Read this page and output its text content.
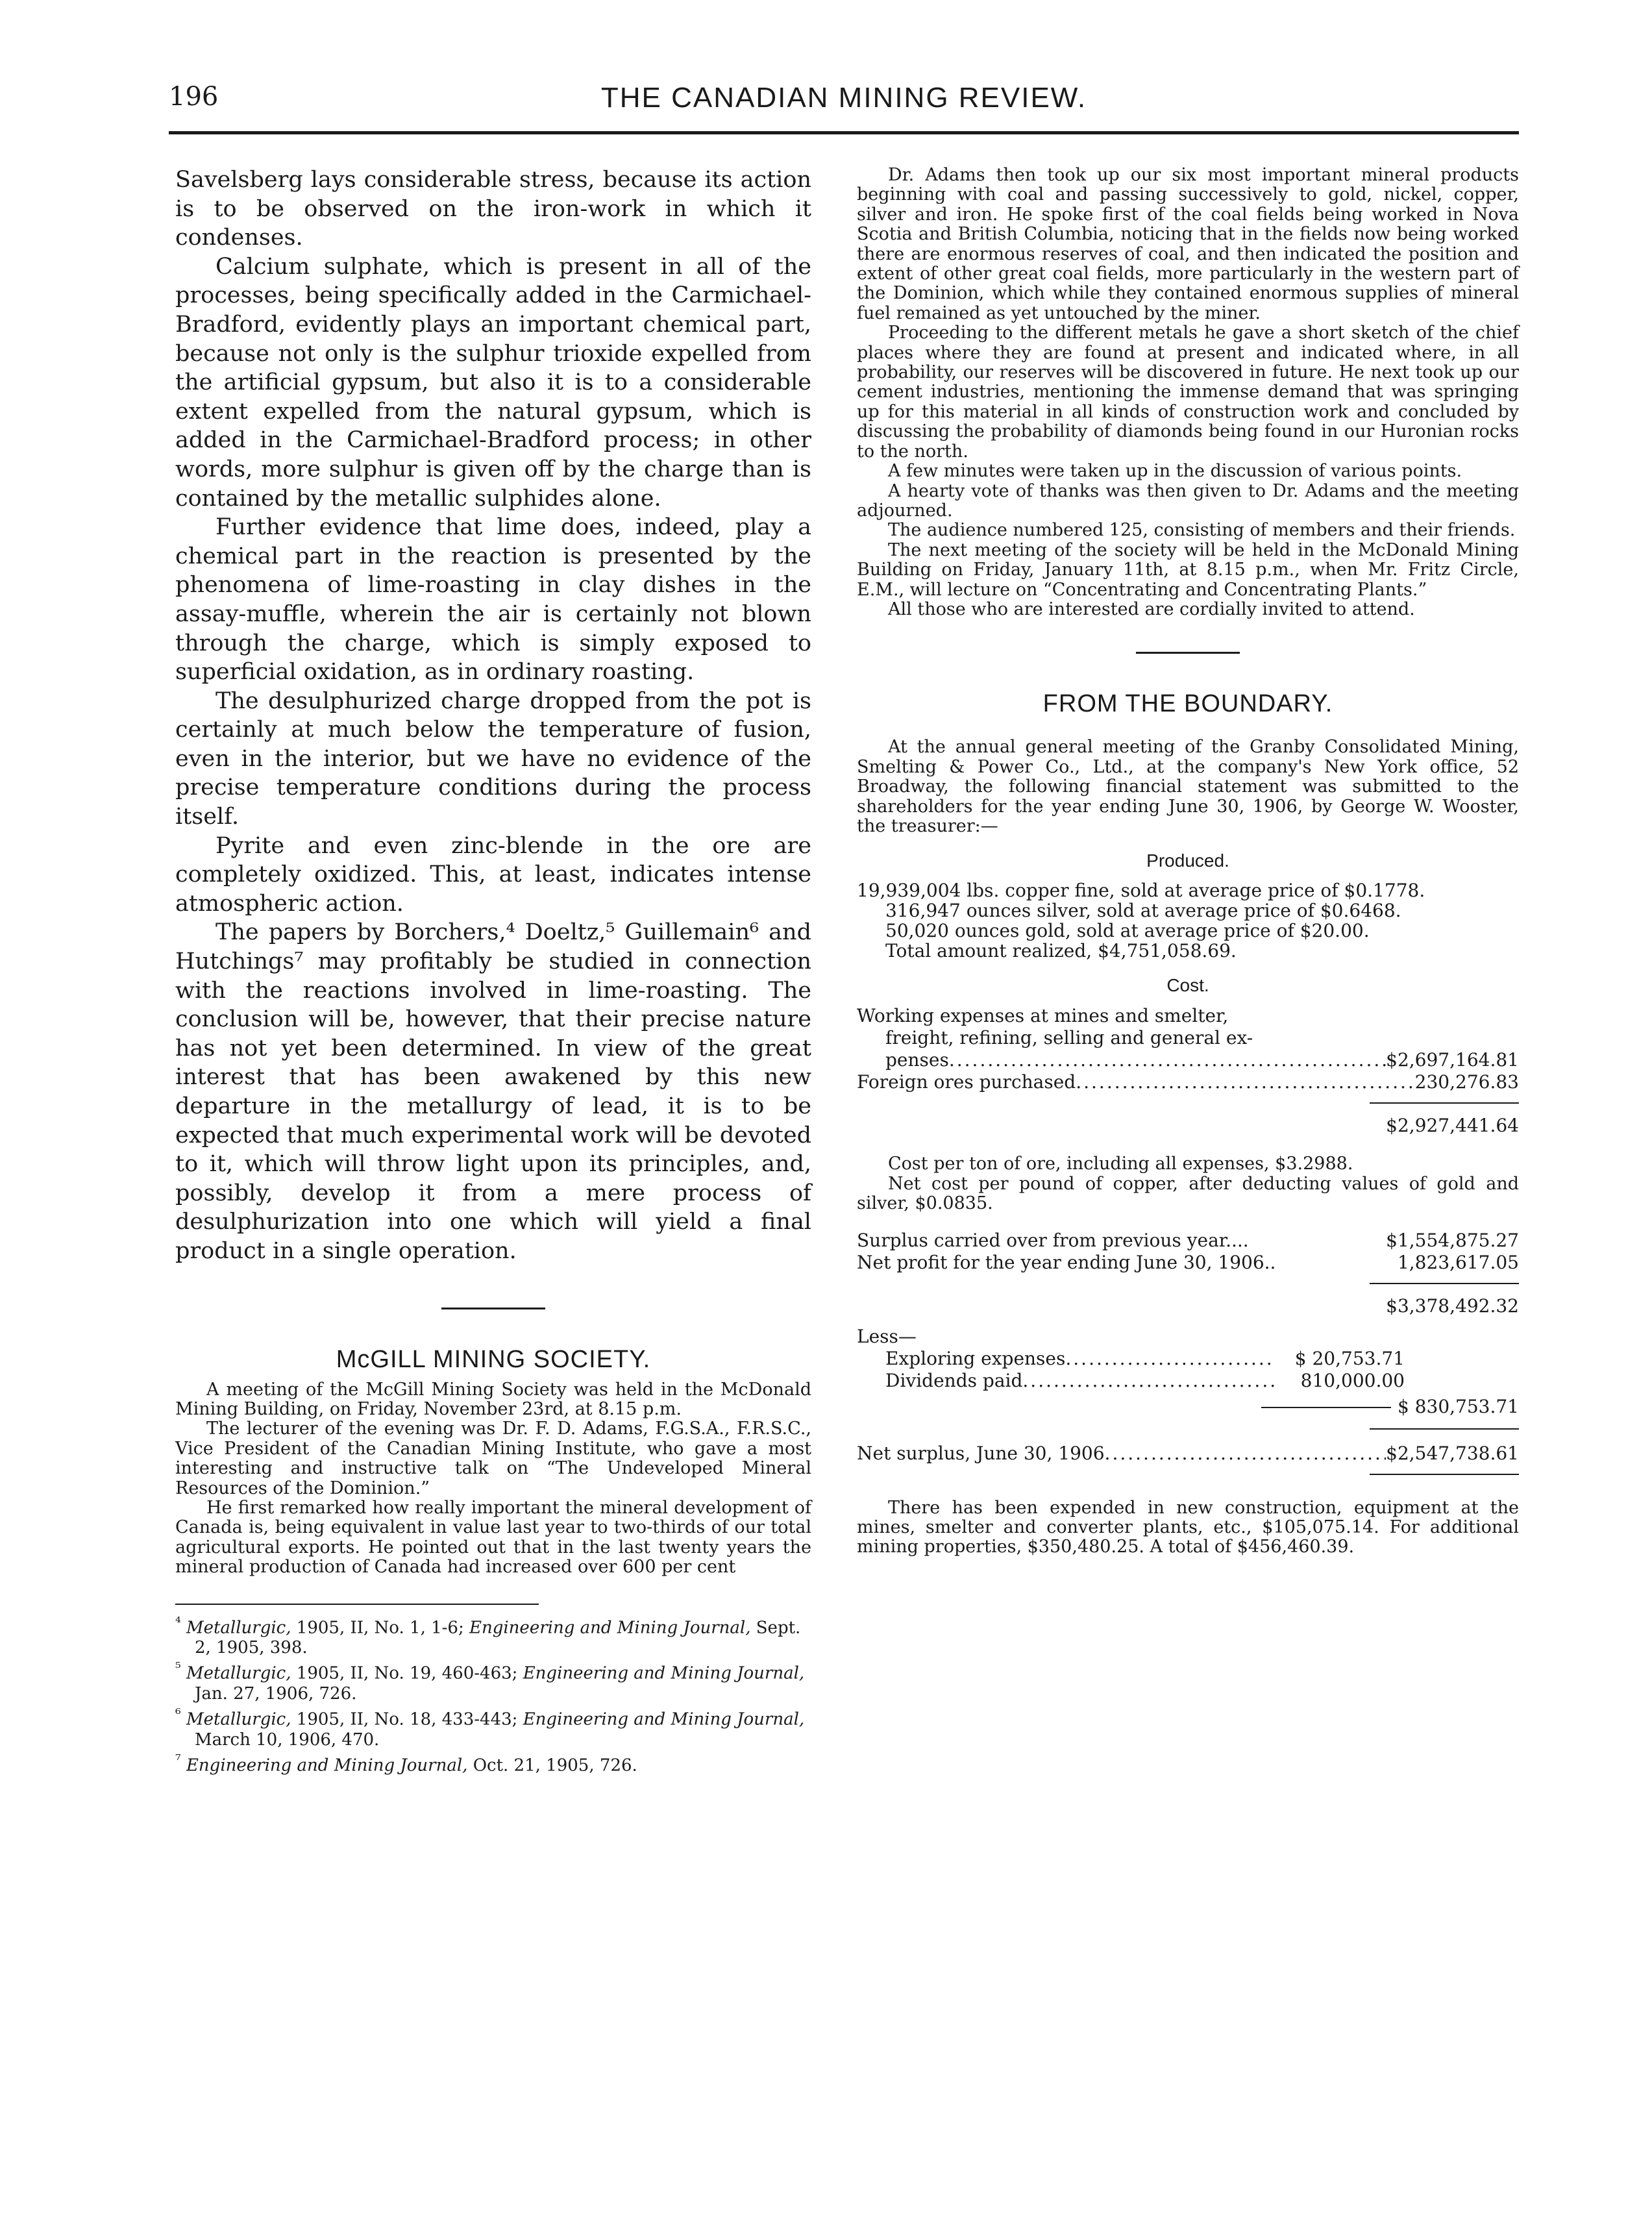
196	THE CANADIAN MINING REVIEW.

Savelsberg lays considerable stress, because its action is to be observed on the iron-work in which it condenses.

Calcium sulphate, which is present in all of the processes, being specifically added in the Carmichael-Bradford, evidently plays an important chemical part, because not only is the sulphur trioxide expelled from the artificial gypsum, but also it is to a considerable extent expelled from the natural gypsum, which is added in the Carmichael-Bradford process; in other words, more sulphur is given off by the charge than is contained by the metallic sulphides alone.

Further evidence that lime does, indeed, play a chemical part in the reaction is presented by the phenomena of lime-roasting in clay dishes in the assay-muffle, wherein the air is certainly not blown through the charge, which is simply exposed to superficial oxidation, as in ordinary roasting.

The desulphurized charge dropped from the pot is certainly at much below the temperature of fusion, even in the interior, but we have no evidence of the precise temperature conditions during the process itself.

Pyrite and even zinc-blende in the ore are completely oxidized. This, at least, indicates intense atmospheric action.

The papers by Borchers,⁴ Doeltz,⁵ Guillemain⁶ and Hutchings⁷ may profitably be studied in connection with the reactions involved in lime-roasting. The conclusion will be, however, that their precise nature has not yet been determined. In view of the great interest that has been awakened by this new departure in the metallurgy of lead, it is to be expected that much experimental work will be devoted to it, which will throw light upon its principles, and, possibly, develop it from a mere process of desulphurization into one which will yield a final product in a single operation.

McGILL MINING SOCIETY.

A meeting of the McGill Mining Society was held in the McDonald Mining Building, on Friday, November 23rd, at 8.15 p.m.

The lecturer of the evening was Dr. F. D. Adams, F.G.S.A., F.R.S.C., Vice President of the Canadian Mining Institute, who gave a most interesting and instructive talk on “The Undeveloped Mineral Resources of the Dominion.”

He first remarked how really important the mineral development of Canada is, being equivalent in value last year to two-thirds of our total agricultural exports. He pointed out that in the last twenty years the mineral production of Canada had increased over 600 per cent

$^{^4}$ Metallurgic, 1905, II, No. 1, 1-6; Engineering and Mining Journal, Sept. 2, 1905, 398.
$^{^5}$ Metallurgic, 1905, II, No. 19, 460-463; Engineering and Mining Journal, Jan. 27, 1906, 726.
$^{^6}$ Metallurgic, 1905, II, No. 18, 433-443; Engineering and Mining Journal, March 10, 1906, 470.
$^{^7}$ Engineering and Mining Journal, Oct. 21, 1905, 726.

Dr. Adams then took up our six most important mineral products beginning with coal and passing successively to gold, nickel, copper, silver and iron. He spoke first of the coal fields being worked in Nova Scotia and British Columbia, noticing that in the fields now being worked there are enormous reserves of coal, and then indicated the position and extent of other great coal fields, more particularly in the western part of the Dominion, which while they contained enormous supplies of mineral fuel remained as yet untouched by the miner.

Proceeding to the different metals he gave a short sketch of the chief places where they are found at present and indicated where, in all probability, our reserves will be discovered in future. He next took up our cement industries, mentioning the immense demand that was springing up for this material in all kinds of construction work and concluded by discussing the probability of diamonds being found in our Huronian rocks to the north.

A few minutes were taken up in the discussion of various points.

A hearty vote of thanks was then given to Dr. Adams and the meeting adjourned.

The audience numbered 125, consisting of members and their friends.

The next meeting of the society will be held in the McDonald Mining Building on Friday, January 11th, at 8.15 p.m., when Mr. Fritz Circle, E.M., will lecture on “Concentrating and Concentrating Plants.”

All those who are interested are cordially invited to attend.

FROM THE BOUNDARY.

At the annual general meeting of the Granby Consolidated Mining, Smelting & Power Co., Ltd., at the company's New York office, 52 Broadway, the following financial statement was submitted to the shareholders for the year ending June 30, 1906, by George W. Wooster, the treasurer:—

Produced.

19,939,004 lbs. copper fine, sold at average price of $0.1778.

316,947 ounces silver, sold at average price of $0.6468.

50,020 ounces gold, sold at average price of $20.00.

Total amount realized, $4,751,058.69.

Cost.
Working expenses at mines and smelter,
freight, refining, selling and general ex-
penses .....	$2,697,164.81
Foreign ores purchased .....	230,276.83
$2,927,441.64

Cost per ton of ore, including all expenses, $3.2988.

Net cost per pound of copper, after deducting values of gold and silver, $0.0835.

Surplus carried over from previous year....	$1,554,875.27
Net profit for the year ending June 30, 1906..	1,823,617.05
$3,378,492.32
Less—
Exploring expenses .....	$ 20,753.71
Dividends paid .....	810,000.00
$ 830,753.71
Net surplus, June 30, 1906 .....	$2,547,738.61

There has been expended in new construction, equipment at the mines, smelter and converter plants, etc., $105,075.14. For additional mining properties, $350,480.25. A total of $456,460.39.
